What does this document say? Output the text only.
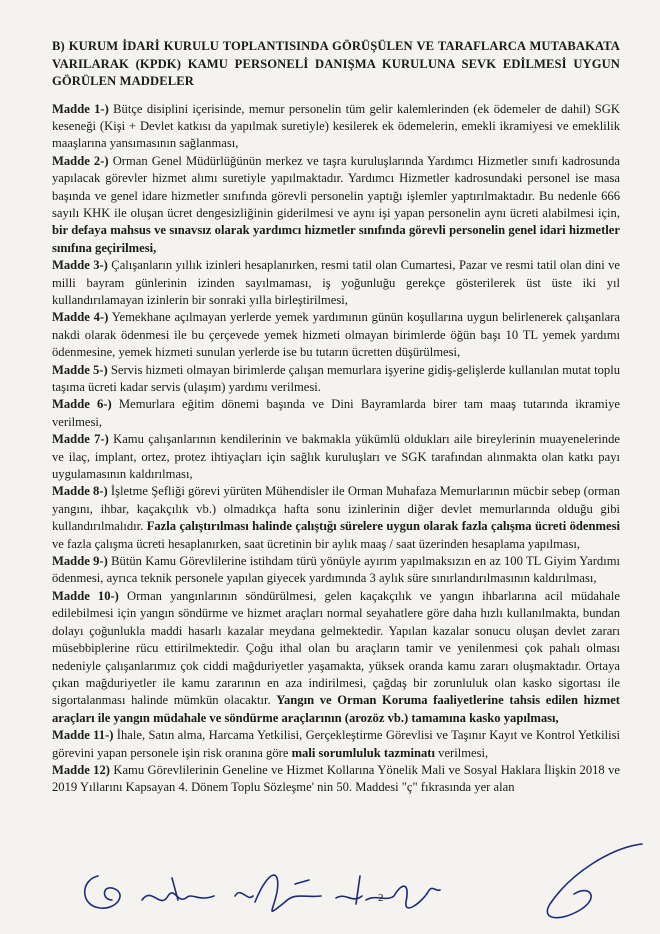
B) KURUM İDARİ KURULU TOPLANTISINDA GÖRÜŞÜLEN VE TARAFLARCA MUTABAKATA VARILARAK (KPDK) KAMU PERSONELİ DANIŞMA KURULUNA SEVK EDİLMESİ UYGUN GÖRÜLEN MADDELER

Madde 1-) Bütçe disiplini içerisinde, memur personelin tüm gelir kalemlerinden (ek ödemeler de dahil) SGK keseneği (Kişi + Devlet katkısı da yapılmak suretiyle) kesilerek ek ödemelerin, emekli ikramiyesi ve emeklilik maaşlarına yansımasının sağlanması,

Madde 2-) Orman Genel Müdürlüğünün merkez ve taşra kuruluşlarında Yardımcı Hizmetler sınıfı kadrosunda yapılacak görevler hizmet alımı suretiyle yapılmaktadır. Yardımcı Hizmetler kadrosundaki personel ise masa başında ve genel idare hizmetler sınıfında görevli personelin yaptığı işlemler yaptırılmaktadır. Bu nedenle 666 sayılı KHK ile oluşan ücret dengesizliğinin giderilmesi ve aynı işi yapan personelin aynı ücreti alabilmesi için, bir defaya mahsus ve sınavsız olarak yardımcı hizmetler sınıfında görevli personelin genel idari hizmetler sınıfına geçirilmesi,

Madde 3-) Çalışanların yıllık izinleri hesaplanırken, resmi tatil olan Cumartesi, Pazar ve resmi tatil olan dini ve milli bayram günlerinin izinden sayılmaması, iş yoğunluğu gerekçe gösterilerek üst üste iki yıl kullandırılamayan izinlerin bir sonraki yılla birleştirilmesi,

Madde 4-) Yemekhane açılmayan yerlerde yemek yardımının günün koşullarına uygun belirlenerek çalışanlara nakdi olarak ödenmesi ile bu çerçevede yemek hizmeti olmayan birimlerde öğün başı 10 TL yemek yardımı ödenmesine, yemek hizmeti sunulan yerlerde ise bu tutarın ücretten düşürülmesi,

Madde 5-) Servis hizmeti olmayan birimlerde çalışan memurlara işyerine gidiş-gelişlerde kullanılan mutat toplu taşıma ücreti kadar servis (ulaşım) yardımı verilmesi.

Madde 6-) Memurlara eğitim dönemi başında ve Dini Bayramlarda birer tam maaş tutarında ikramiye verilmesi,

Madde 7-) Kamu çalışanlarının kendilerinin ve bakmakla yükümlü oldukları aile bireylerinin muayenelerinde ve ilaç, implant, ortez, protez ihtiyaçları için sağlık kuruluşları ve SGK tarafından alınmakta olan katkı payı uygulamasının kaldırılması,

Madde 8-) İşletme Şefliği görevi yürüten Mühendisler ile Orman Muhafaza Memurlarının mücbir sebep (orman yangını, ihbar, kaçakçılık vb.) olmadıkça hafta sonu izinlerinin diğer devlet memurlarında olduğu gibi kullandırılmalıdır. Fazla çalıştırılması halinde çalıştığı sürelere uygun olarak fazla çalışma ücreti ödenmesi ve fazla çalışma ücreti hesaplanırken, saat ücretinin bir aylık maaş / saat üzerinden hesaplama yapılması,

Madde 9-) Bütün Kamu Görevlilerine istihdam türü yönüyle ayırım yapılmaksızın en az 100 TL Giyim Yardımı ödenmesi, ayrıca teknik personele yapılan giyecek yardımında 3 aylık süre sınırlandırılmasının kaldırılması,

Madde 10-) Orman yangınlarının söndürülmesi, gelen kaçakçılık ve yangın ihbarlarına acil müdahale edilebilmesi için yangın söndürme ve hizmet araçları normal seyahatlere göre daha hızlı kullanılmakta, bundan dolayı çoğunlukla maddi hasarlı kazalar meydana gelmektedir. Yapılan kazalar sonucu oluşan devlet zararı müsebbiplerine rücu ettirilmektedir. Çoğu ithal olan bu araçların tamir ve yenilenmesi çok pahalı olması nedeniyle çalışanlarımız çok ciddi mağduriyetler yaşamakta, yüksek oranda kamu zararı oluşmaktadır. Ortaya çıkan mağduriyetler ile kamu zararının en aza indirilmesi, çağdaş bir zorunluluk olan kasko sigortası ile sigortalanması halinde mümkün olacaktır. Yangın ve Orman Koruma faaliyetlerine tahsis edilen hizmet araçları ile yangın müdahale ve söndürme araçlarının (arozöz vb.) tamamına kasko yapılması,

Madde 11-) İhale, Satın alma, Harcama Yetkilisi, Gerçekleştirme Görevlisi ve Taşınır Kayıt ve Kontrol Yetkilisi görevini yapan personele işin risk oranına göre mali sorumluluk tazminatı verilmesi,

Madde 12) Kamu Görevlilerinin Geneline ve Hizmet Kollarına Yönelik Mali ve Sosyal Haklara İlişkin 2018 ve 2019 Yıllarını Kapsayan 4. Dönem Toplu Sözleşme' nin 50. Maddesi "ç" fıkrasında yer alan

2
